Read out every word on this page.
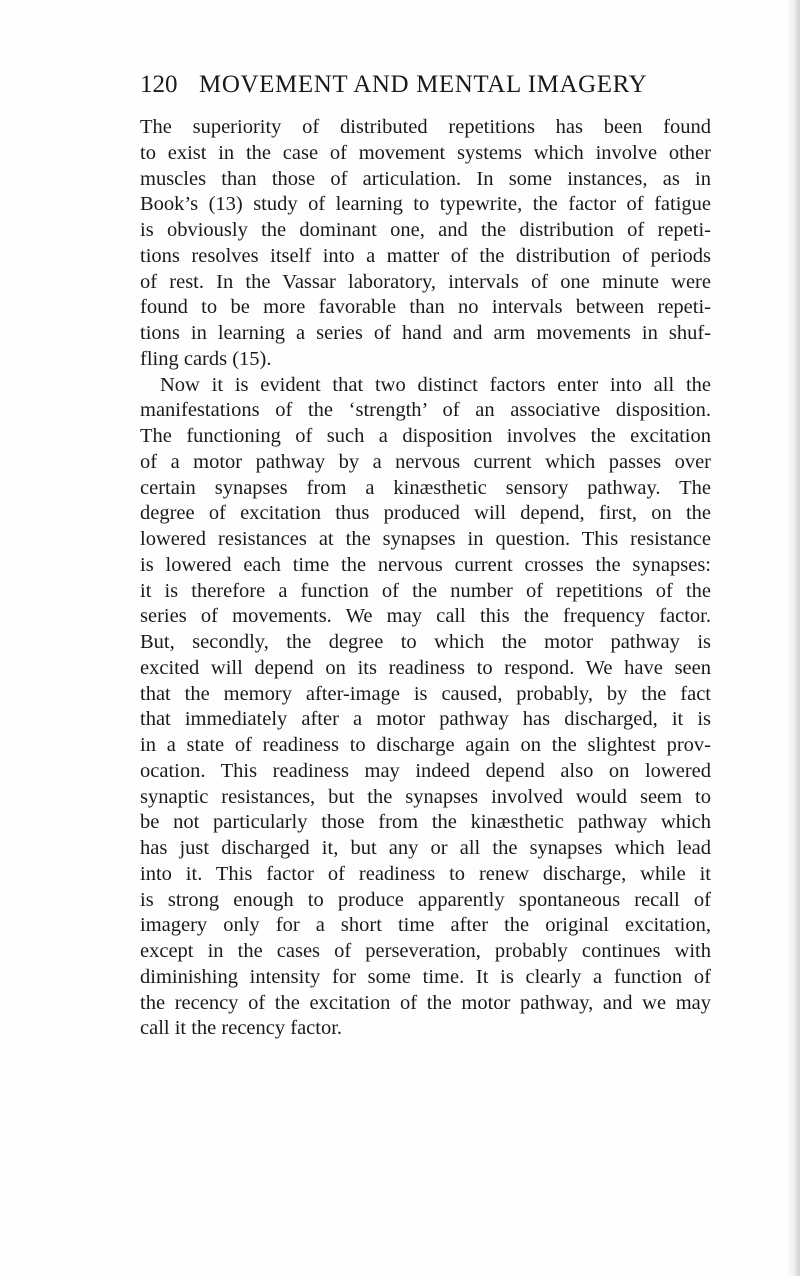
120 MOVEMENT AND MENTAL IMAGERY
The superiority of distributed repetitions has been found
to exist in the case of movement systems which involve other
muscles than those of articulation. In some instances, as in
Book’s (13) study of learning to typewrite, the factor of fatigue
is obviously the dominant one, and the distribution of repeti-
tions resolves itself into a matter of the distribution of periods
of rest. In the Vassar laboratory, intervals of one minute were
found to be more favorable than no intervals between repeti-
tions in learning a series of hand and arm movements in shuf-
fling cards (15).
Now it is evident that two distinct factors enter into all the
manifestations of the ‘strength’ of an associative disposition.
The functioning of such a disposition involves the excitation
of a motor pathway by a nervous current which passes over
certain synapses from a kinæsthetic sensory pathway. The
degree of excitation thus produced will depend, first, on the
lowered resistances at the synapses in question. This resistance
is lowered each time the nervous current crosses the synapses:
it is therefore a function of the number of repetitions of the
series of movements. We may call this the frequency factor.
But, secondly, the degree to which the motor pathway is
excited will depend on its readiness to respond. We have seen
that the memory after-image is caused, probably, by the fact
that immediately after a motor pathway has discharged, it is
in a state of readiness to discharge again on the slightest prov-
ocation. This readiness may indeed depend also on lowered
synaptic resistances, but the synapses involved would seem to
be not particularly those from the kinæsthetic pathway which
has just discharged it, but any or all the synapses which lead
into it. This factor of readiness to renew discharge, while it
is strong enough to produce apparently spontaneous recall of
imagery only for a short time after the original excitation,
except in the cases of perseveration, probably continues with
diminishing intensity for some time. It is clearly a function of
the recency of the excitation of the motor pathway, and we may
call it the recency factor.
